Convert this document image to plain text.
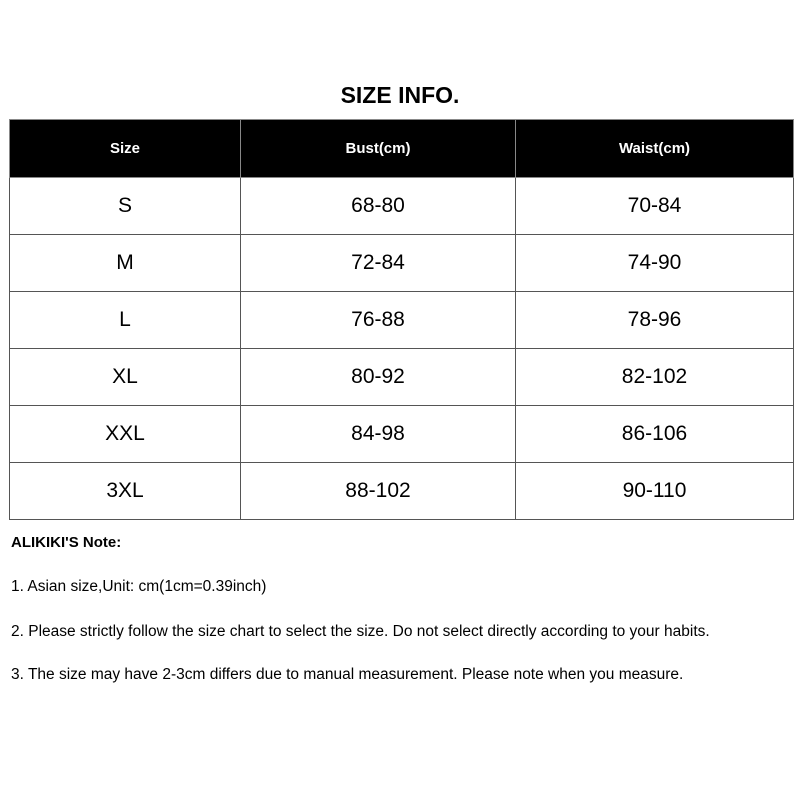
SIZE INFO.
Size	Bust(cm)	Waist(cm)
S	68-80	70-84
M	72-84	74-90
L	76-88	78-96
XL	80-92	82-102
XXL	84-98	86-106
3XL	88-102	90-110
ALIKIKI'S Note:
1. Asian size,Unit: cm(1cm=0.39inch)
2. Please strictly follow the size chart to select the size. Do not select directly according to your habits.
3. The size may have 2-3cm differs due to manual measurement. Please note when you measure.
